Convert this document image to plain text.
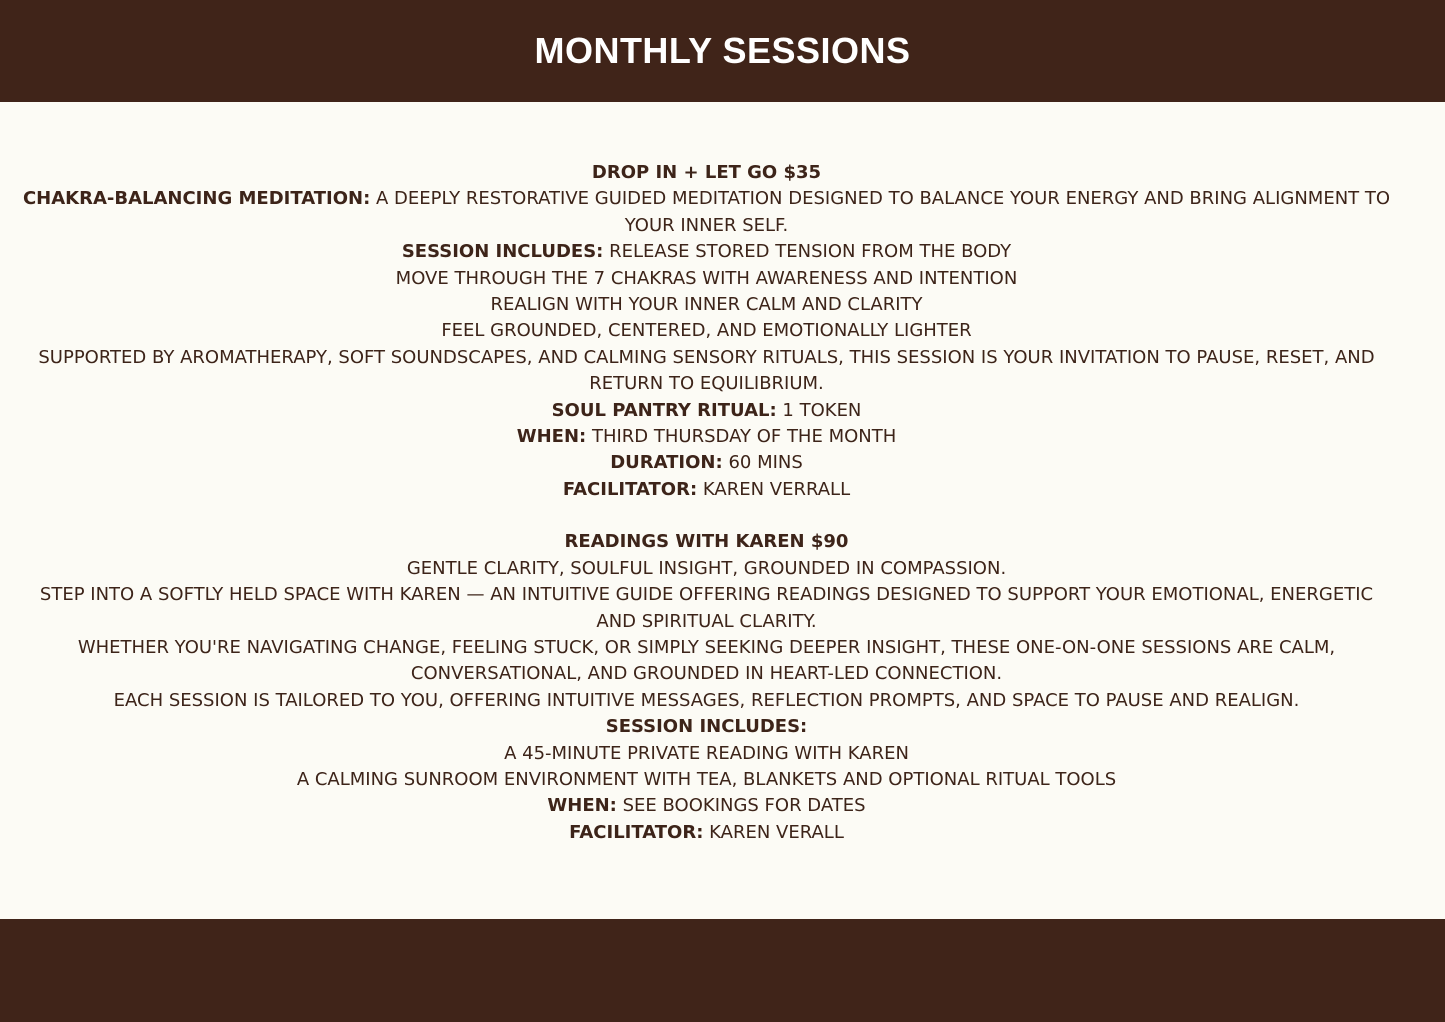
MONTHLY SESSIONS
DROP IN + LET GO $35
CHAKRA-BALANCING MEDITATION: A DEEPLY RESTORATIVE GUIDED MEDITATION DESIGNED TO BALANCE YOUR ENERGY AND BRING ALIGNMENT TO YOUR INNER SELF.
SESSION INCLUDES: RELEASE STORED TENSION FROM THE BODY
MOVE THROUGH THE 7 CHAKRAS WITH AWARENESS AND INTENTION
REALIGN WITH YOUR INNER CALM AND CLARITY
FEEL GROUNDED, CENTERED, AND EMOTIONALLY LIGHTER
SUPPORTED BY AROMATHERAPY, SOFT SOUNDSCAPES, AND CALMING SENSORY RITUALS, THIS SESSION IS YOUR INVITATION TO PAUSE, RESET, AND RETURN TO EQUILIBRIUM.
SOUL PANTRY RITUAL: 1 TOKEN
WHEN: THIRD THURSDAY OF THE MONTH
DURATION: 60 MINS
FACILITATOR: KAREN VERRALL
READINGS WITH KAREN $90
GENTLE CLARITY, SOULFUL INSIGHT, GROUNDED IN COMPASSION.
STEP INTO A SOFTLY HELD SPACE WITH KAREN — AN INTUITIVE GUIDE OFFERING READINGS DESIGNED TO SUPPORT YOUR EMOTIONAL, ENERGETIC AND SPIRITUAL CLARITY.
WHETHER YOU'RE NAVIGATING CHANGE, FEELING STUCK, OR SIMPLY SEEKING DEEPER INSIGHT, THESE ONE-ON-ONE SESSIONS ARE CALM, CONVERSATIONAL, AND GROUNDED IN HEART-LED CONNECTION.
EACH SESSION IS TAILORED TO YOU, OFFERING INTUITIVE MESSAGES, REFLECTION PROMPTS, AND SPACE TO PAUSE AND REALIGN.
SESSION INCLUDES:
A 45-MINUTE PRIVATE READING WITH KAREN
A CALMING SUNROOM ENVIRONMENT WITH TEA, BLANKETS AND OPTIONAL RITUAL TOOLS
WHEN: SEE BOOKINGS FOR DATES
FACILITATOR: KAREN VERALL
